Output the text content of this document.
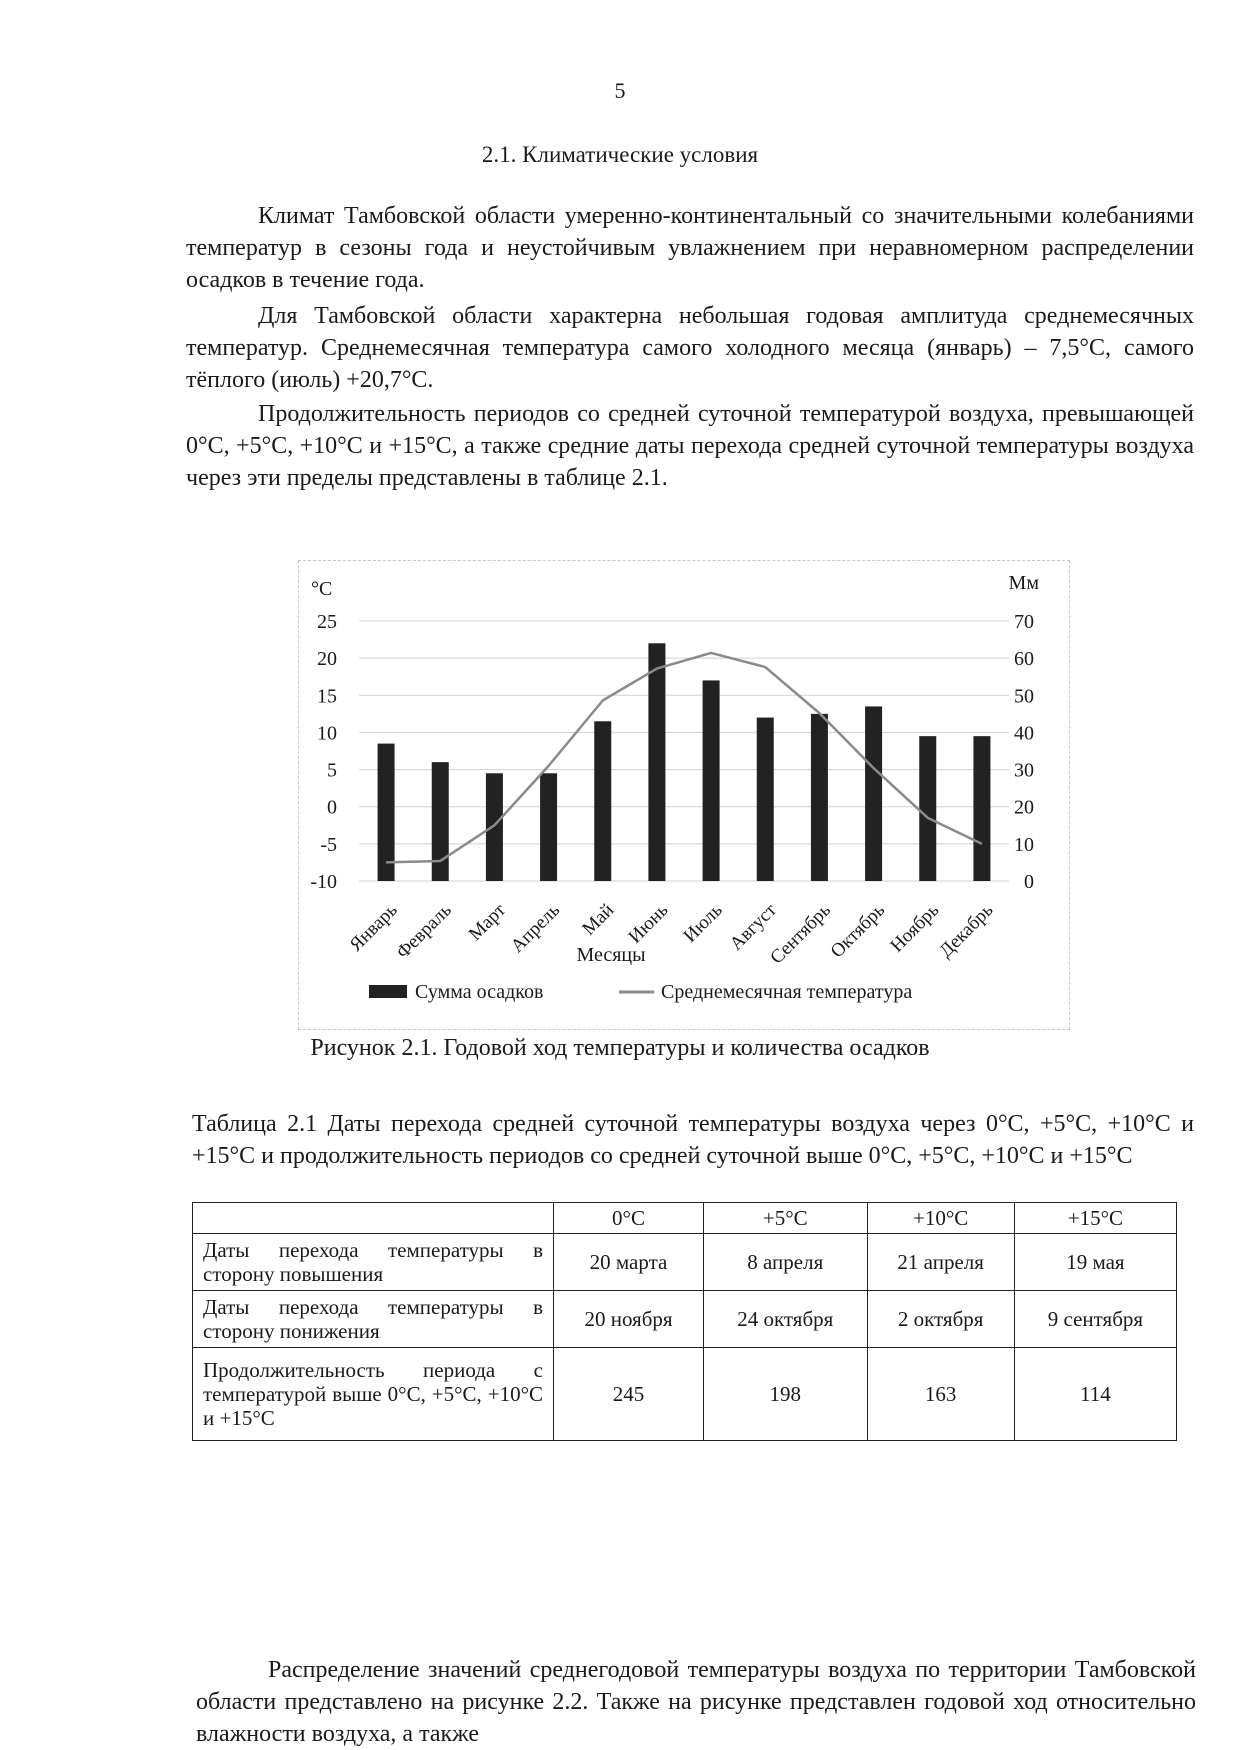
5
2.1. Климатические условия
Климат Тамбовской области умеренно-континентальный со значительными колебаниями температур в сезоны года и неустойчивым увлажнением при неравномерном распределении осадков в течение года.
Для Тамбовской области характерна небольшая годовая амплитуда среднемесячных температур. Среднемесячная температура самого холодного месяца (январь) – 7,5°С, самого тёплого (июль) +20,7°С.
Продолжительность периодов со средней суточной температурой воздуха, превышающей 0°С, +5°С, +10°С и +15°С, а также средние даты перехода средней суточной температуры воздуха через эти пределы представлены в таблице 2.1.
25
20
15
10
5
0
-5
-10
70
60
50
40
30
20
10
0
°С	Мм
Январь
Февраль Март
Апрель Май Июнь Июль Август
Сентябрь
Октябрь
Ноябрь
Декабрь
Месяцы
Сумма осадков	Среднемесячная температура
Рисунок 2.1. Годовой ход температуры и количества осадков
Таблица 2.1 Даты перехода средней суточной температуры воздуха через 0°С, +5°С, +10°С и +15°С и продолжительность периодов со средней суточной выше 0°С, +5°С, +10°С и +15°С
	0°С	+5°С	+10°С	+15°С
Даты перехода температуры в сторону повышения	20 марта	8 апреля	21 апреля	19 мая
Даты перехода температуры в сторону понижения	20 ноября	24 октября	2 октября	9 сентября
Продолжительность периода с температурой выше 0°С, +5°С, +10°С и +15°С	245	198	163	114
Распределение значений среднегодовой температуры воздуха по территории Тамбовской области представлено на рисунке 2.2. Также на рисунке представлен годовой ход относительно влажности воздуха, а также
